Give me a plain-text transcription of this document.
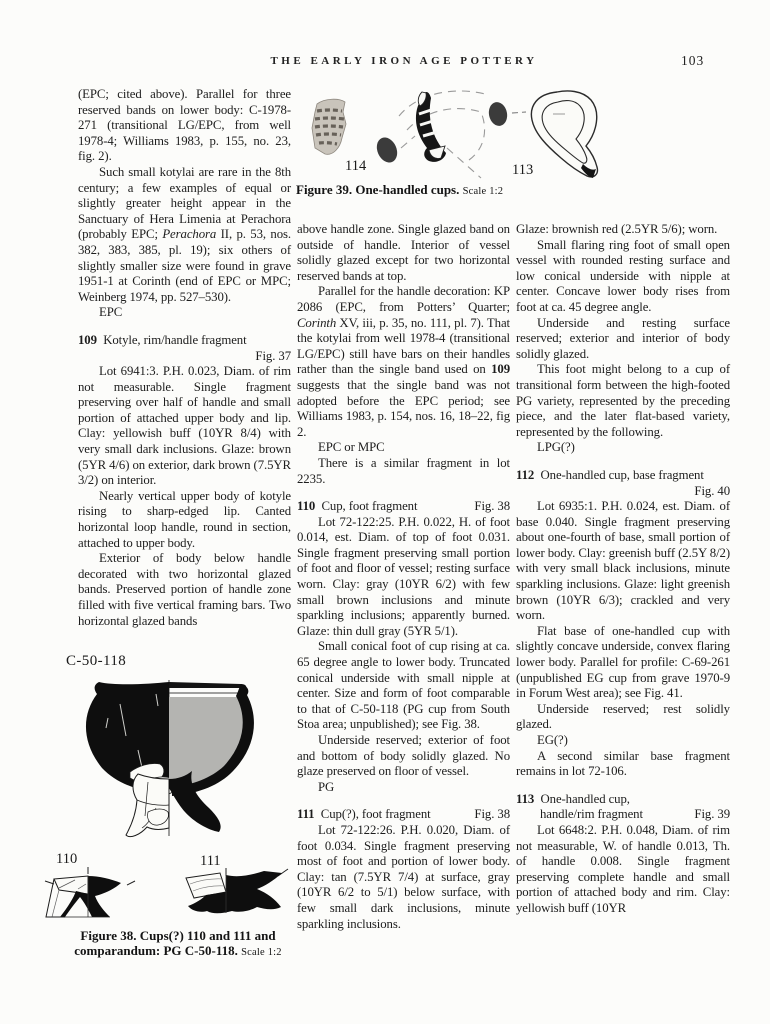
THE EARLY IRON AGE POTTERY	103
114	113
Figure 39. One-handled cups. Scale 1:2
(EPC; cited above). Parallel for three reserved bands on lower body: C-1978-271 (transitional LG/EPC, from well 1978-4; Williams 1983, p. 155, no. 23, fig. 2).
Such small kotylai are rare in the 8th century; a few examples of equal or slightly greater height appear in the Sanctuary of Hera Limenia at Perachora (probably EPC; Perachora II, p. 53, nos. 382, 383, 385, pl. 19); six others of slightly smaller size were found in grave 1951-1 at Corinth (end of EPC or MPC; Weinberg 1974, pp. 527–530).
EPC
109 Kotyle, rim/handle fragment
Fig. 37
Lot 6941:3. P.H. 0.023, Diam. of rim not measurable. Single fragment preserving over half of handle and small portion of attached upper body and lip. Clay: yellowish buff (10YR 8/4) with very small dark inclusions. Glaze: brown (5YR 4/6) on exterior, dark brown (7.5YR 3/2) on interior.
Nearly vertical upper body of kotyle rising to sharp-edged lip. Canted horizontal loop handle, round in section, attached to upper body.
Exterior of body below handle decorated with two horizontal glazed bands. Preserved portion of handle zone filled with five vertical framing bars. Two horizontal glazed bands
above handle zone. Single glazed band on outside of handle. Interior of vessel solidly glazed except for two horizontal reserved bands at top.
Parallel for the handle decoration: KP 2086 (EPC, from Potters’ Quarter; Corinth XV, iii, p. 35, no. 111, pl. 7). That the kotylai from well 1978-4 (transitional LG/EPC) still have bars on their handles rather than the single band used on 109 suggests that the single band was not adopted before the EPC period; see Williams 1983, p. 154, nos. 16, 18–22, fig 2.
EPC or MPC
There is a similar fragment in lot 2235.
110 Cup, foot fragment	Fig. 38
Lot 72-122:25. P.H. 0.022, H. of foot 0.014, est. Diam. of top of foot 0.031. Single fragment preserving small portion of foot and floor of vessel; resting surface worn. Clay: gray (10YR 6/2) with few small brown inclusions and minute sparkling inclusions; apparently burned. Glaze: thin dull gray (5YR 5/1).
Small conical foot of cup rising at ca. 65 degree angle to lower body. Truncated conical underside with small nipple at center. Size and form of foot comparable to that of C-50-118 (PG cup from South Stoa area; unpublished); see Fig. 38.
Underside reserved; exterior of foot and bottom of body solidly glazed. No glaze preserved on floor of vessel.
PG
111 Cup(?), foot fragment	Fig. 38
Lot 72-122:26. P.H. 0.020, Diam. of foot 0.034. Single fragment preserving most of foot and portion of lower body. Clay: tan (7.5YR 7/4) at surface, gray (10YR 6/2 to 5/1) below surface, with few small dark inclusions, minute sparkling inclusions.
Glaze: brownish red (2.5YR 5/6); worn.
Small flaring ring foot of small open vessel with rounded resting surface and low conical underside with nipple at center. Concave lower body rises from foot at ca. 45 degree angle.
Underside and resting surface reserved; exterior and interior of body solidly glazed.
This foot might belong to a cup of transitional form between the high-footed PG variety, represented by the preceding piece, and the later flat-based variety, represented by the following.
LPG(?)
112 One-handled cup, base fragment
Fig. 40
Lot 6935:1. P.H. 0.024, est. Diam. of base 0.040. Single fragment preserving about one-fourth of base, small portion of lower body. Clay: greenish buff (2.5Y 8/2) with very small black inclusions, minute sparkling inclusions. Glaze: light greenish brown (10YR 6/3); crackled and very worn.
Flat base of one-handled cup with slightly concave underside, convex flaring lower body. Parallel for profile: C-69-261 (unpublished EG cup from grave 1970-9 in Forum West area); see Fig. 41.
Underside reserved; rest solidly glazed.
EG(?)
A second similar base fragment remains in lot 72-106.
113 One-handled cup,
handle/rim fragment	Fig. 39
Lot 6648:2. P.H. 0.048, Diam. of rim not measurable, W. of handle 0.013, Th. of handle 0.008. Single fragment preserving complete handle and small portion of attached body and rim. Clay: yellowish buff (10YR
C-50-118
110	111
Figure 38. Cups(?) 110 and 111 and
comparandum: PG C-50-118. Scale 1:2
